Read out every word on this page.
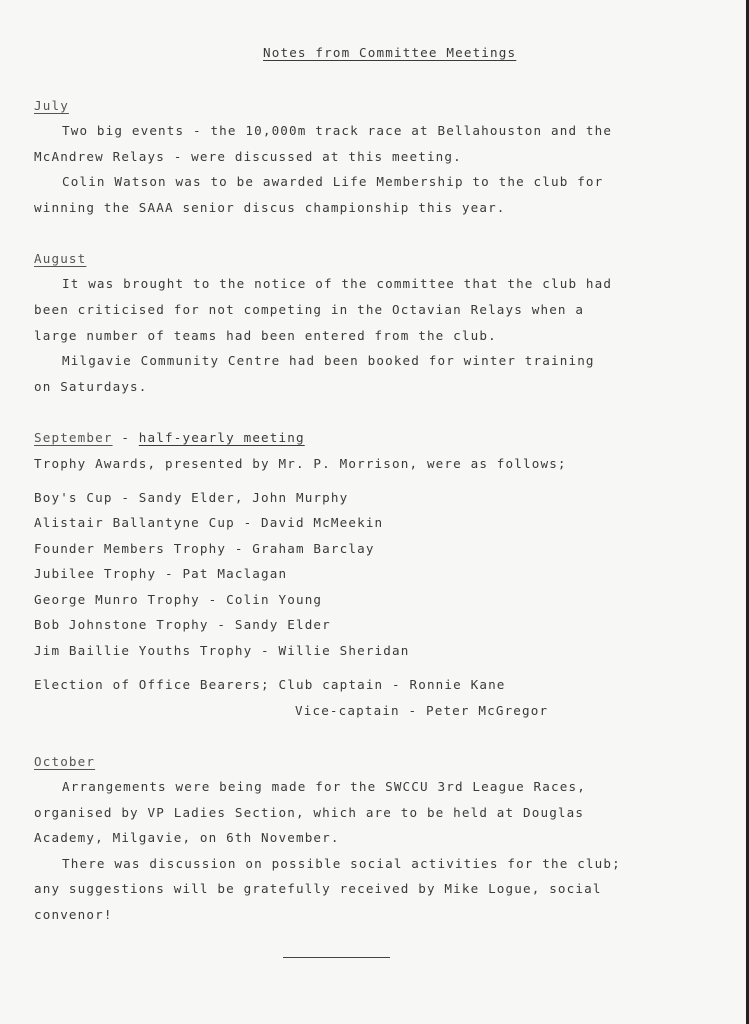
Notes from Committee Meetings
July
Two big events - the 10,000m track race at Bellahouston and the
McAndrew Relays - were discussed at this meeting.
Colin Watson was to be awarded Life Membership to the club for
winning the SAAA senior discus championship this year.
August
It was brought to the notice of the committee that the club had
been criticised for not competing in the Octavian Relays when a
large number of teams had been entered from the club.
Milgavie Community Centre had been booked for winter training
on Saturdays.
September - half-yearly meeting
Trophy Awards, presented by Mr. P. Morrison, were as follows;
Boy's Cup - Sandy Elder, John Murphy
Alistair Ballantyne Cup - David McMeekin
Founder Members Trophy - Graham Barclay
Jubilee Trophy - Pat Maclagan
George Munro Trophy - Colin Young
Bob Johnstone Trophy - Sandy Elder
Jim Baillie Youths Trophy - Willie Sheridan
Election of Office Bearers; Club captain - Ronnie Kane
Vice-captain - Peter McGregor
October
Arrangements were being made for the SWCCU 3rd League Races,
organised by VP Ladies Section, which are to be held at Douglas
Academy, Milgavie, on 6th November.
There was discussion on possible social activities for the club;
any suggestions will be gratefully received by Mike Logue, social
convenor!
